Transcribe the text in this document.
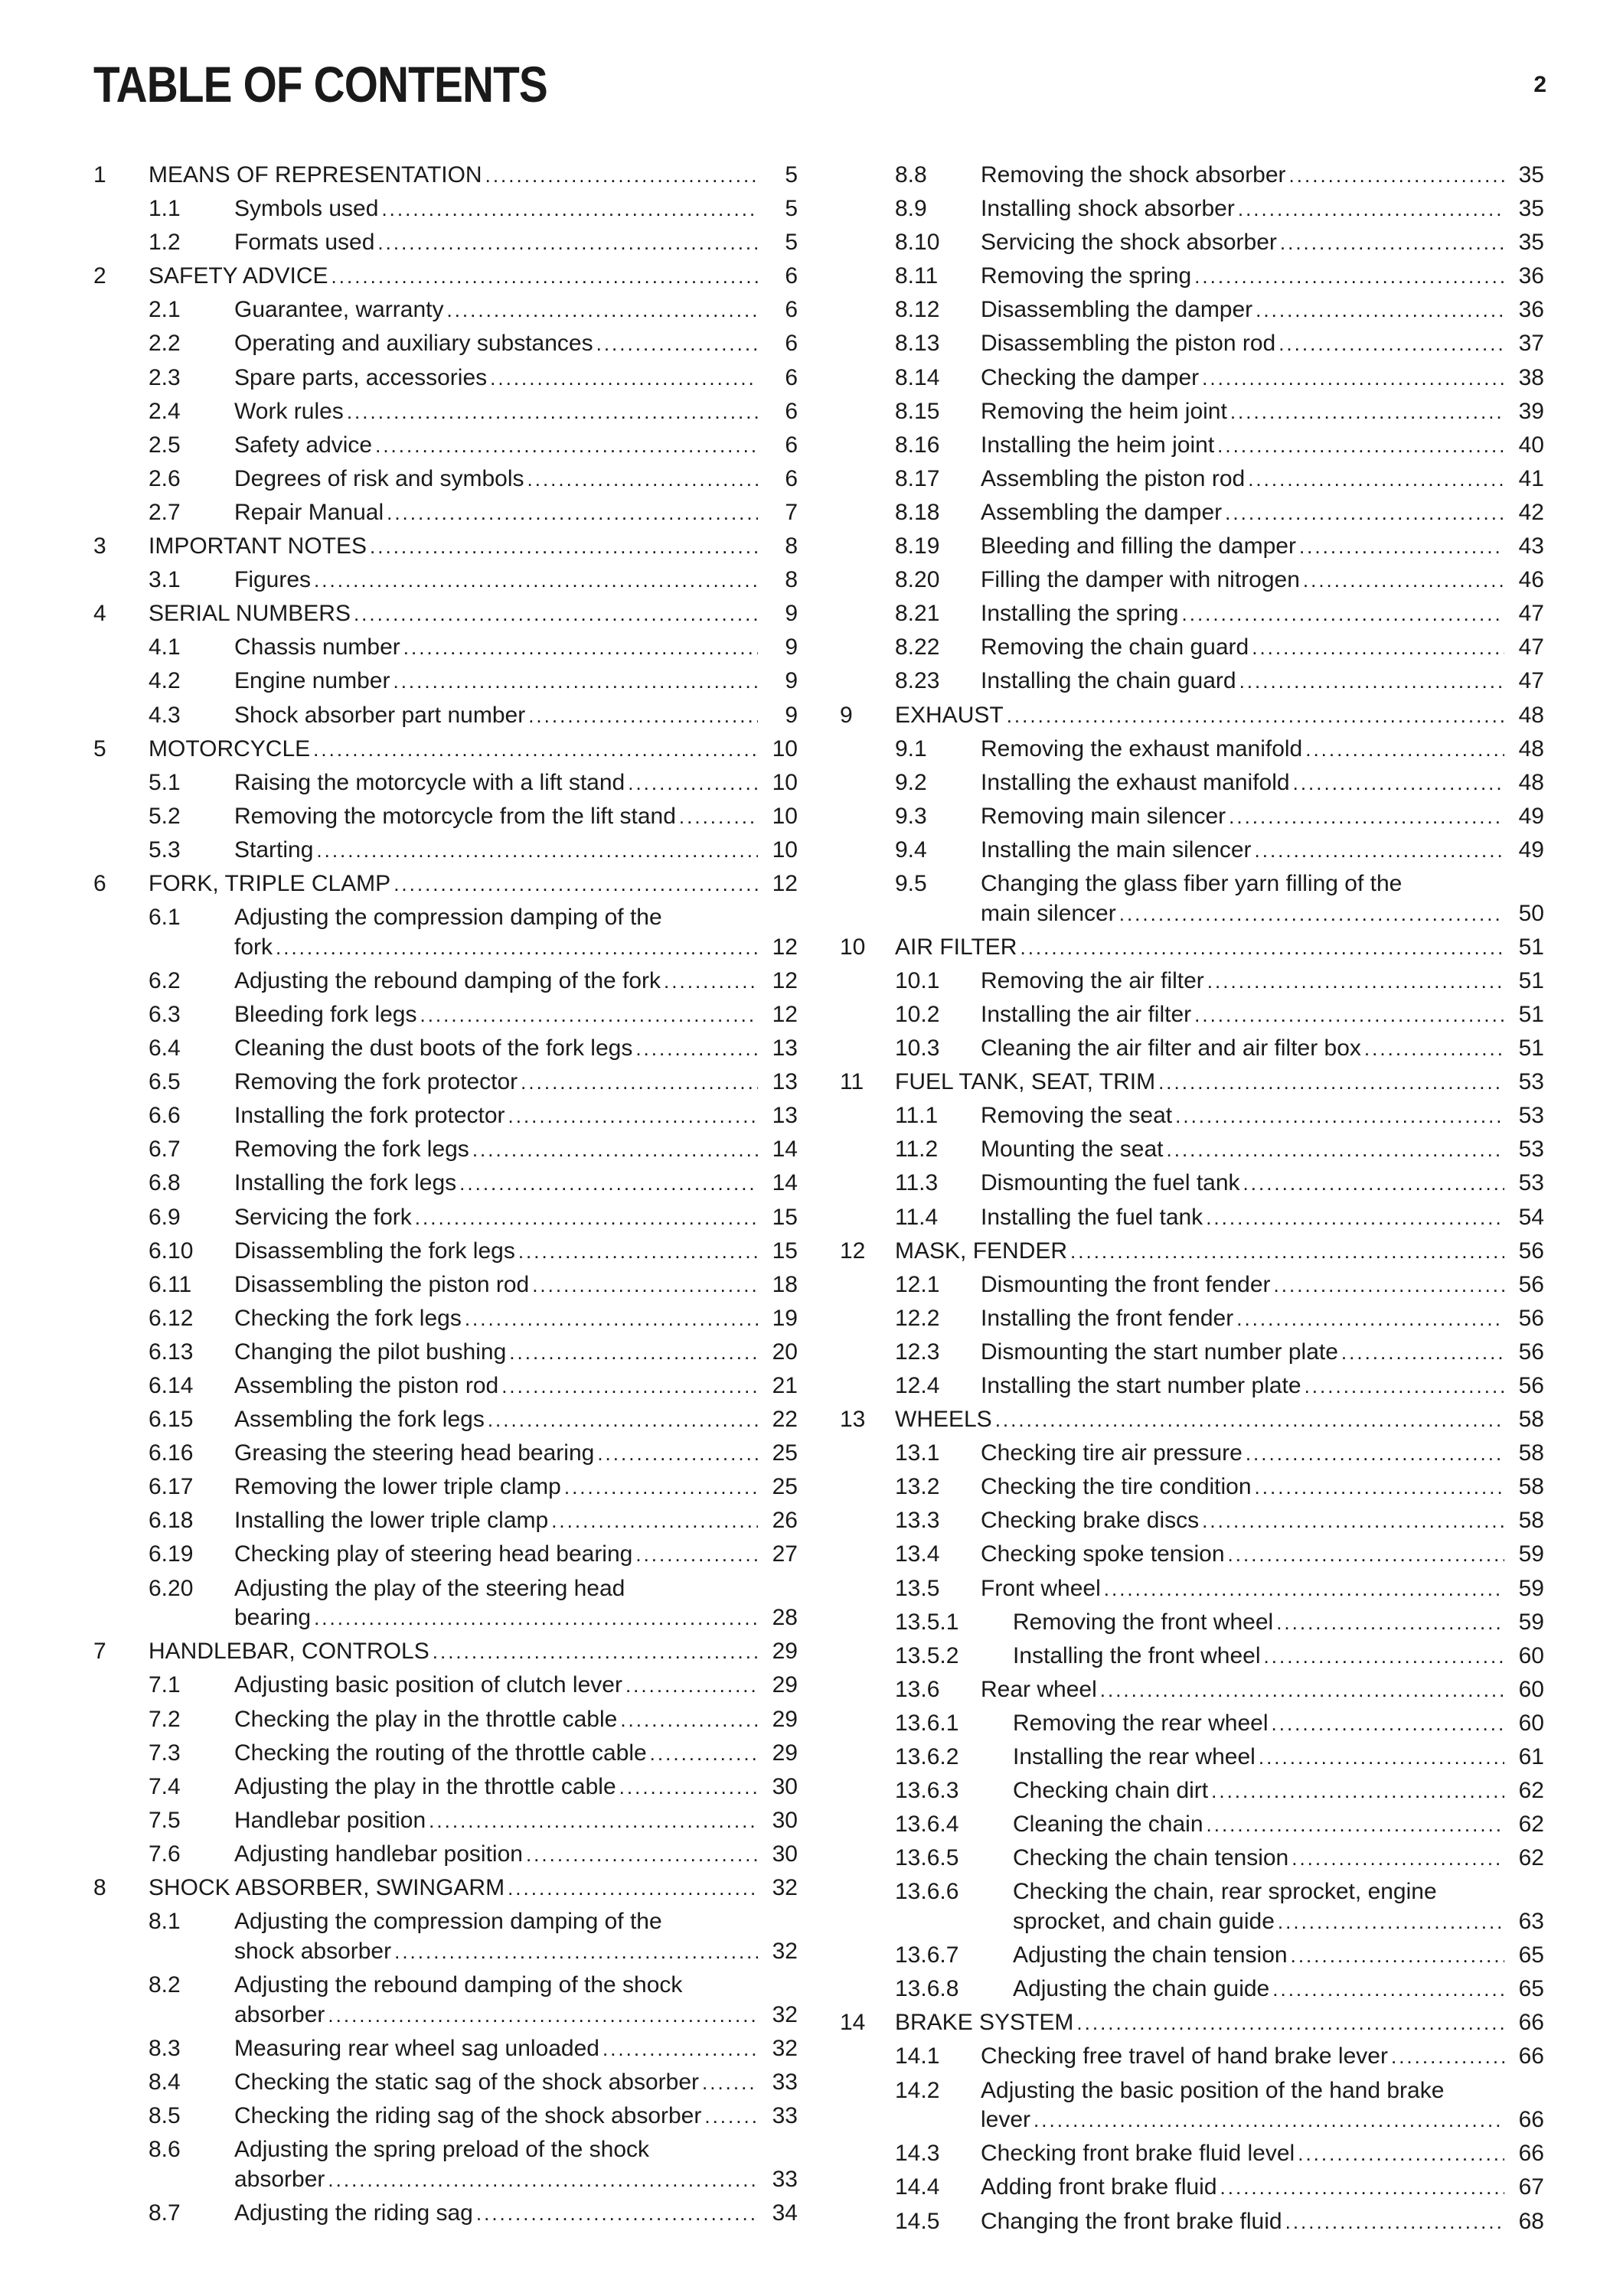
TABLE OF CONTENTS	2
1	MEANS OF REPRESENTATION .....	5
1.1	Symbols used .....	5
1.2	Formats used .....	5
2	SAFETY ADVICE .....	6
2.1	Guarantee, warranty .....	6
2.2	Operating and auxiliary substances .....	6
2.3	Spare parts, accessories .....	6
2.4	Work rules .....	6
2.5	Safety advice .....	6
2.6	Degrees of risk and symbols .....	6
2.7	Repair Manual .....	7
3	IMPORTANT NOTES .....	8
3.1	Figures .....	8
4	SERIAL NUMBERS .....	9
4.1	Chassis number .....	9
4.2	Engine number .....	9
4.3	Shock absorber part number .....	9
5	MOTORCYCLE .....	10
5.1	Raising the motorcycle with a lift stand .....	10
5.2	Removing the motorcycle from the lift stand .....	10
5.3	Starting .....	10
6	FORK, TRIPLE CLAMP .....	12
6.1	Adjusting the compression damping of the
fork .....	12
6.2	Adjusting the rebound damping of the fork .....	12
6.3	Bleeding fork legs .....	12
6.4	Cleaning the dust boots of the fork legs .....	13
6.5	Removing the fork protector .....	13
6.6	Installing the fork protector .....	13
6.7	Removing the fork legs .....	14
6.8	Installing the fork legs .....	14
6.9	Servicing the fork .....	15
6.10	Disassembling the fork legs .....	15
6.11	Disassembling the piston rod .....	18
6.12	Checking the fork legs .....	19
6.13	Changing the pilot bushing .....	20
6.14	Assembling the piston rod .....	21
6.15	Assembling the fork legs .....	22
6.16	Greasing the steering head bearing .....	25
6.17	Removing the lower triple clamp .....	25
6.18	Installing the lower triple clamp .....	26
6.19	Checking play of steering head bearing .....	27
6.20	Adjusting the play of the steering head
bearing .....	28
7	HANDLEBAR, CONTROLS .....	29
7.1	Adjusting basic position of clutch lever .....	29
7.2	Checking the play in the throttle cable .....	29
7.3	Checking the routing of the throttle cable .....	29
7.4	Adjusting the play in the throttle cable .....	30
7.5	Handlebar position .....	30
7.6	Adjusting handlebar position .....	30
8	SHOCK ABSORBER, SWINGARM .....	32
8.1	Adjusting the compression damping of the
shock absorber .....	32
8.2	Adjusting the rebound damping of the shock
absorber .....	32
8.3	Measuring rear wheel sag unloaded .....	32
8.4	Checking the static sag of the shock absorber .....	33
8.5	Checking the riding sag of the shock absorber .....	33
8.6	Adjusting the spring preload of the shock
absorber .....	33
8.7	Adjusting the riding sag .....	34
8.8	Removing the shock absorber .....	35
8.9	Installing shock absorber .....	35
8.10	Servicing the shock absorber .....	35
8.11	Removing the spring .....	36
8.12	Disassembling the damper .....	36
8.13	Disassembling the piston rod .....	37
8.14	Checking the damper .....	38
8.15	Removing the heim joint .....	39
8.16	Installing the heim joint .....	40
8.17	Assembling the piston rod .....	41
8.18	Assembling the damper .....	42
8.19	Bleeding and filling the damper .....	43
8.20	Filling the damper with nitrogen .....	46
8.21	Installing the spring .....	47
8.22	Removing the chain guard .....	47
8.23	Installing the chain guard .....	47
9	EXHAUST .....	48
9.1	Removing the exhaust manifold .....	48
9.2	Installing the exhaust manifold .....	48
9.3	Removing main silencer .....	49
9.4	Installing the main silencer .....	49
9.5	Changing the glass fiber yarn filling of the
main silencer .....	50
10	AIR FILTER .....	51
10.1	Removing the air filter .....	51
10.2	Installing the air filter .....	51
10.3	Cleaning the air filter and air filter box .....	51
11	FUEL TANK, SEAT, TRIM .....	53
11.1	Removing the seat .....	53
11.2	Mounting the seat .....	53
11.3	Dismounting the fuel tank .....	53
11.4	Installing the fuel tank .....	54
12	MASK, FENDER .....	56
12.1	Dismounting the front fender .....	56
12.2	Installing the front fender .....	56
12.3	Dismounting the start number plate .....	56
12.4	Installing the start number plate .....	56
13	WHEELS .....	58
13.1	Checking tire air pressure .....	58
13.2	Checking the tire condition .....	58
13.3	Checking brake discs .....	58
13.4	Checking spoke tension .....	59
13.5	Front wheel .....	59
13.5.1	Removing the front wheel .....	59
13.5.2	Installing the front wheel .....	60
13.6	Rear wheel .....	60
13.6.1	Removing the rear wheel .....	60
13.6.2	Installing the rear wheel .....	61
13.6.3	Checking chain dirt .....	62
13.6.4	Cleaning the chain .....	62
13.6.5	Checking the chain tension .....	62
13.6.6	Checking the chain, rear sprocket, engine
sprocket, and chain guide .....	63
13.6.7	Adjusting the chain tension .....	65
13.6.8	Adjusting the chain guide .....	65
14	BRAKE SYSTEM .....	66
14.1	Checking free travel of hand brake lever .....	66
14.2	Adjusting the basic position of the hand brake
lever .....	66
14.3	Checking front brake fluid level .....	66
14.4	Adding front brake fluid .....	67
14.5	Changing the front brake fluid .....	68
